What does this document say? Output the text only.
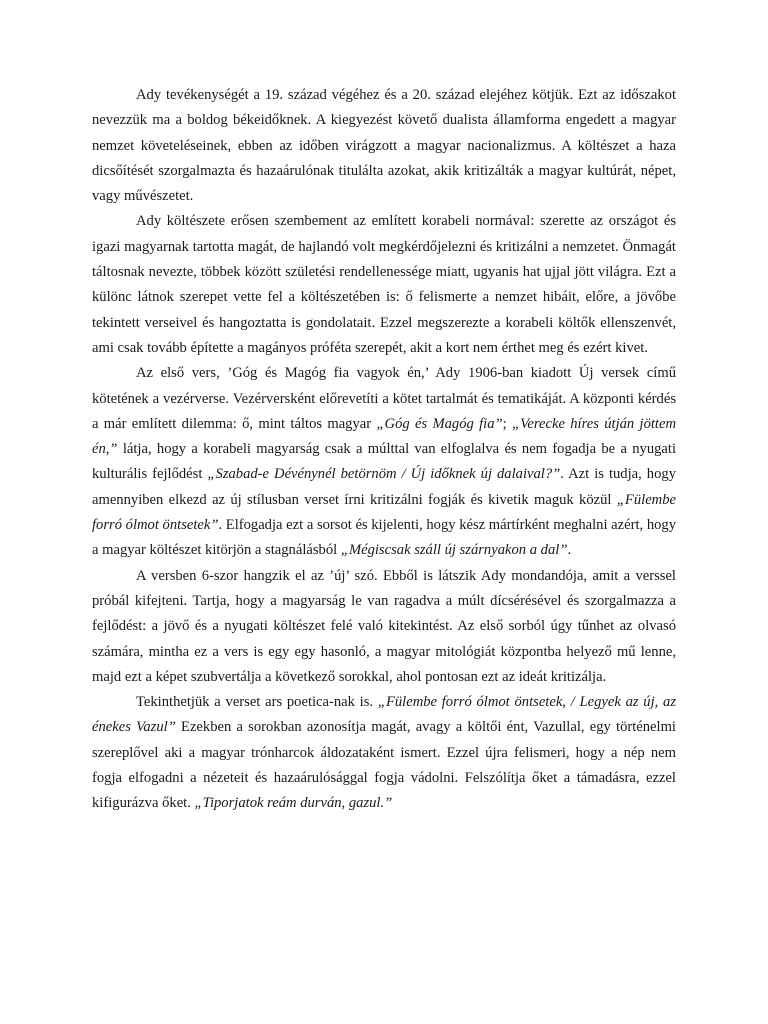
Ady tevékenységét a 19. század végéhez és a 20. század elejéhez kötjük. Ezt az időszakot nevezzük ma a boldog békeidőknek. A kiegyezést követő dualista államforma engedett a magyar nemzet követeléseinek, ebben az időben virágzott a magyar nacionalizmus. A költészet a haza dicsőítését szorgalmazta és hazaárulónak titulálta azokat, akik kritizálták a magyar kultúrát, népet, vagy művészetet.

Ady költészete erősen szembement az említett korabeli normával: szerette az országot és igazi magyarnak tartotta magát, de hajlandó volt megkérdőjelezni és kritizálni a nemzetet. Önmagát táltosnak nevezte, többek között születési rendellenessége miatt, ugyanis hat ujjal jött világra. Ezt a különc látnok szerepet vette fel a költészetében is: ő felismerte a nemzet hibáit, előre, a jövőbe tekintett verseivel és hangoztatta is gondolatait. Ezzel megszerezte a korabeli költők ellenszenvét, ami csak tovább építette a magányos próféta szerepét, akit a kort nem érthet meg és ezért kivet.

Az első vers, ’Góg és Magóg fia vagyok én,’ Ady 1906-ban kiadott Új versek című kötetének a vezérverse. Vezérversként előrevetíti a kötet tartalmát és tematikáját. A központi kérdés a már említett dilemma: ő, mint táltos magyar „Góg és Magóg fia”; „Verecke híres útján jöttem én,” látja, hogy a korabeli magyarság csak a múlttal van elfoglalva és nem fogadja be a nyugati kulturális fejlődést „Szabad-e Dévénynél betörnöm / Új időknek új dalaival?”. Azt is tudja, hogy amennyiben elkezd az új stílusban verset írni kritizálni fogják és kivetik maguk közül „Fülembe forró ólmot öntsetek”. Elfogadja ezt a sorsot és kijelenti, hogy kész mártírként meghalni azért, hogy a magyar költészet kitörjön a stagnálásból „Mégiscsak száll új szárnyakon a dal”.

A versben 6-szor hangzik el az ’új’ szó. Ebből is látszik Ady mondandója, amit a verssel próbál kifejteni. Tartja, hogy a magyarság le van ragadva a múlt dícsérésével és szorgalmazza a fejlődést: a jövő és a nyugati költészet felé való kitekintést. Az első sorból úgy tűnhet az olvasó számára, mintha ez a vers is egy egy hasonló, a magyar mitológiát központba helyező mű lenne, majd ezt a képet szubvertálja a következő sorokkal, ahol pontosan ezt az ideát kritizálja.

Tekinthetjük a verset ars poetica-nak is. „Fülembe forró ólmot öntsetek, / Legyek az új, az énekes Vazul” Ezekben a sorokban azonosítja magát, avagy a költői ént, Vazullal, egy történelmi szereplővel aki a magyar trónharcok áldozataként ismert. Ezzel újra felismeri, hogy a nép nem fogja elfogadni a nézeteit és hazaárulósággal fogja vádolni. Felszólítja őket a támadásra, ezzel kifigurázva őket. „Tiporjatok reám durván, gazul.”
